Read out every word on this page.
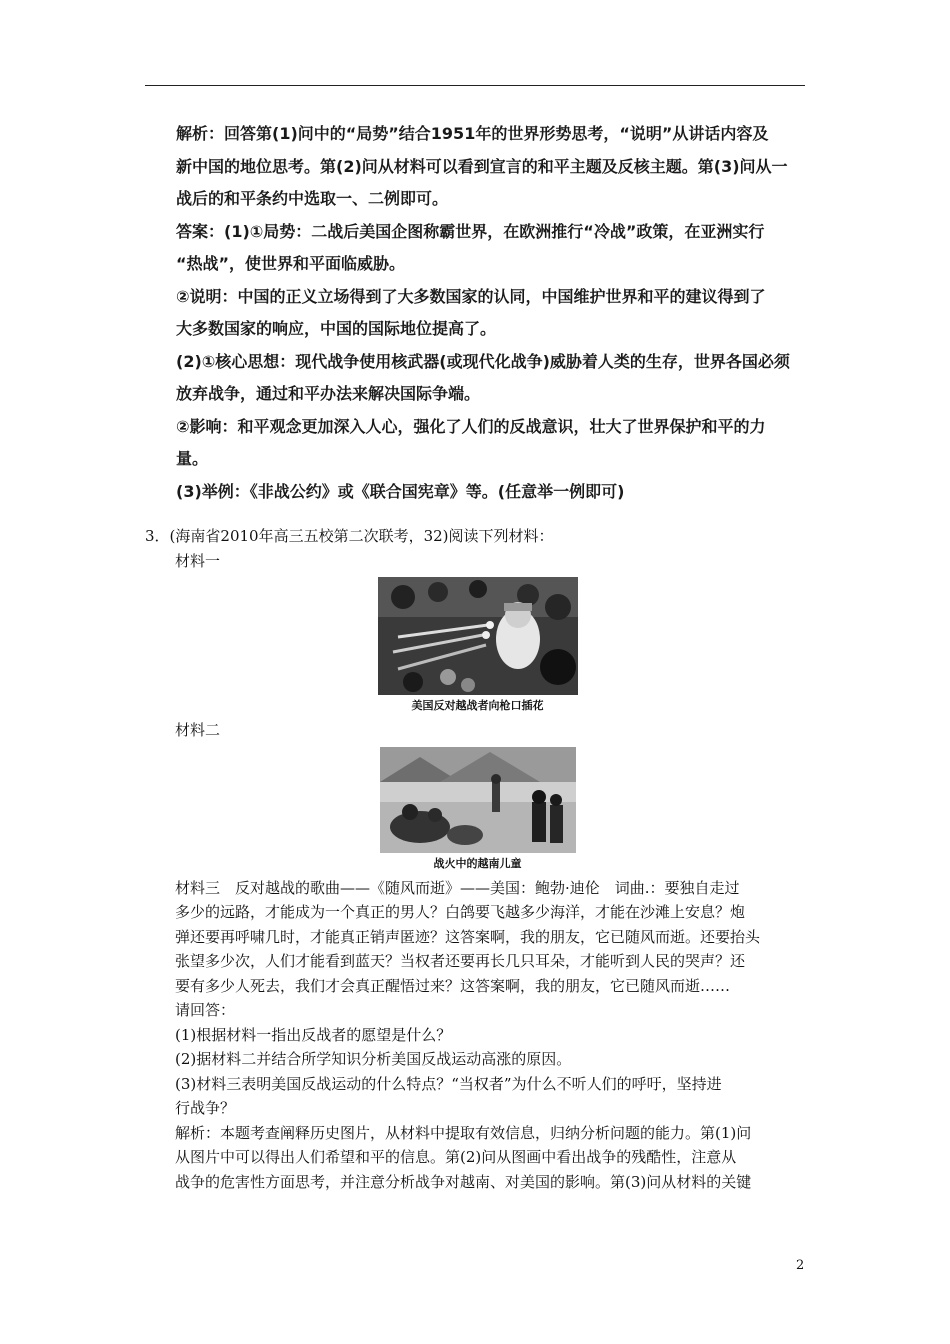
解析：回答第(1)问中的“局势”结合1951年的世界形势思考，“说明”从讲话内容及

新中国的地位思考。第(2)问从材料可以看到宣言的和平主题及反核主题。第(3)问从一

战后的和平条约中选取一、二例即可。

答案：(1)①局势：二战后美国企图称霸世界，在欧洲推行“冷战”政策，在亚洲实行

“热战”，使世界和平面临威胁。

②说明：中国的正义立场得到了大多数国家的认同，中国维护世界和平的建议得到了

大多数国家的响应，中国的国际地位提高了。

(2)①核心思想：现代战争使用核武器(或现代化战争)威胁着人类的生存，世界各国必须

放弃战争，通过和平办法来解决国际争端。

②影响：和平观念更加深入人心，强化了人们的反战意识，壮大了世界保护和平的力

量。

(3)举例：《非战公约》或《联合国宪章》等。(任意举一例即可)

3．(海南省2010年高三五校第二次联考，32)阅读下列材料：

材料一

美国反对越战者向枪口插花

材料二

战火中的越南儿童

材料三　反对越战的歌曲——《随风而逝》——美国：鲍勃·迪伦　词曲.：要独自走过

多少的远路，才能成为一个真正的男人？白鸽要飞越多少海洋，才能在沙滩上安息？炮

弹还要再呼啸几时，才能真正销声匿迹？这答案啊，我的朋友，它已随风而逝。还要抬头

张望多少次，人们才能看到蓝天？当权者还要再长几只耳朵，才能听到人民的哭声？还

要有多少人死去，我们才会真正醒悟过来？这答案啊，我的朋友，它已随风而逝……

请回答：

(1)根据材料一指出反战者的愿望是什么？

(2)据材料二并结合所学知识分析美国反战运动高涨的原因。

(3)材料三表明美国反战运动的什么特点？“当权者”为什么不听人们的呼吁，坚持进

行战争？

解析：本题考查阐释历史图片，从材料中提取有效信息，归纳分析问题的能力。第(1)问

从图片中可以得出人们希望和平的信息。第(2)问从图画中看出战争的残酷性，注意从

战争的危害性方面思考，并注意分析战争对越南、对美国的影响。第(3)问从材料的关键

2
